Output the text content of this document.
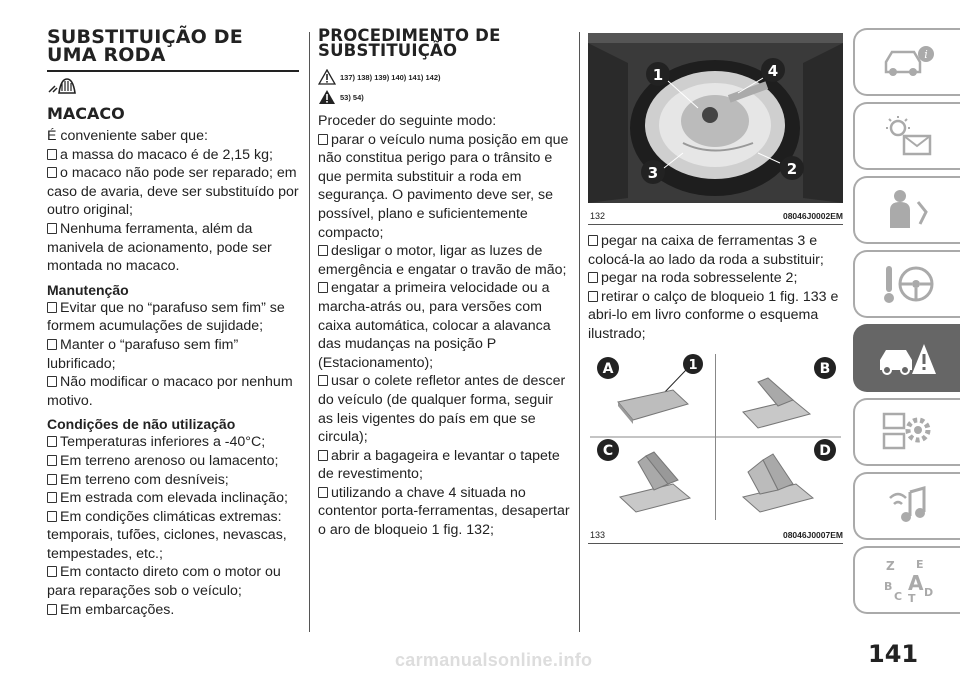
SUBSTITUIÇÃO DE
UMA RODA
MACACO

É conveniente saber que:

a massa do macaco é de 2,15 kg;

o macaco não pode ser reparado; em caso de avaria, deve ser substituído por outro original;

Nenhuma ferramenta, além da manivela de acionamento, pode ser montada no macaco.

Manutenção

Evitar que no “parafuso sem fim” se formem acumulações de sujidade;

Manter o “parafuso sem fim” lubrificado;

Não modificar o macaco por nenhum motivo.

Condições de não utilização

Temperaturas inferiores a -40°C;

Em terreno arenoso ou lamacento;

Em terreno com desníveis;

Em estrada com elevada inclinação;

Em condições climáticas extremas: temporais, tufões, ciclones, nevascas, tempestades, etc.;

Em contacto direto com o motor ou para reparações sob o veículo;

Em embarcações.

PROCEDIMENTO DE
SUBSTITUIÇÃO
137) 138) 139) 140) 141) 142)
53) 54)

Proceder do seguinte modo:

parar o veículo numa posição em que não constitua perigo para o trânsito e que permita substituir a roda em segurança. O pavimento deve ser, se possível, plano e suficientemente compacto;

desligar o motor, ligar as luzes de emergência e engatar o travão de mão;

engatar a primeira velocidade ou a marcha-atrás ou, para versões com caixa automática, colocar a alavanca das mudanças na posição P (Estacionamento);

usar o colete refletor antes de descer do veículo (de qualquer forma, seguir as leis vigentes do país em que se circula);

abrir a bagageira e levantar o tapete de revestimento;

utilizando a chave 4 situada no contentor porta-ferramentas, desapertar o aro de bloqueio 1 fig. 132;

1	4
3	2
132	08046J0002EM

pegar na caixa de ferramentas 3 e colocá-la ao lado da roda a substituir;

pegar na roda sobresselente 2;

retirar o calço de bloqueio 1 fig. 133 e abri-lo em livro conforme o esquema ilustrado;

A	1	B
C	D
133	08046J0007EM
i
Z E
B A
C T D
141
carmanualsonline.info
